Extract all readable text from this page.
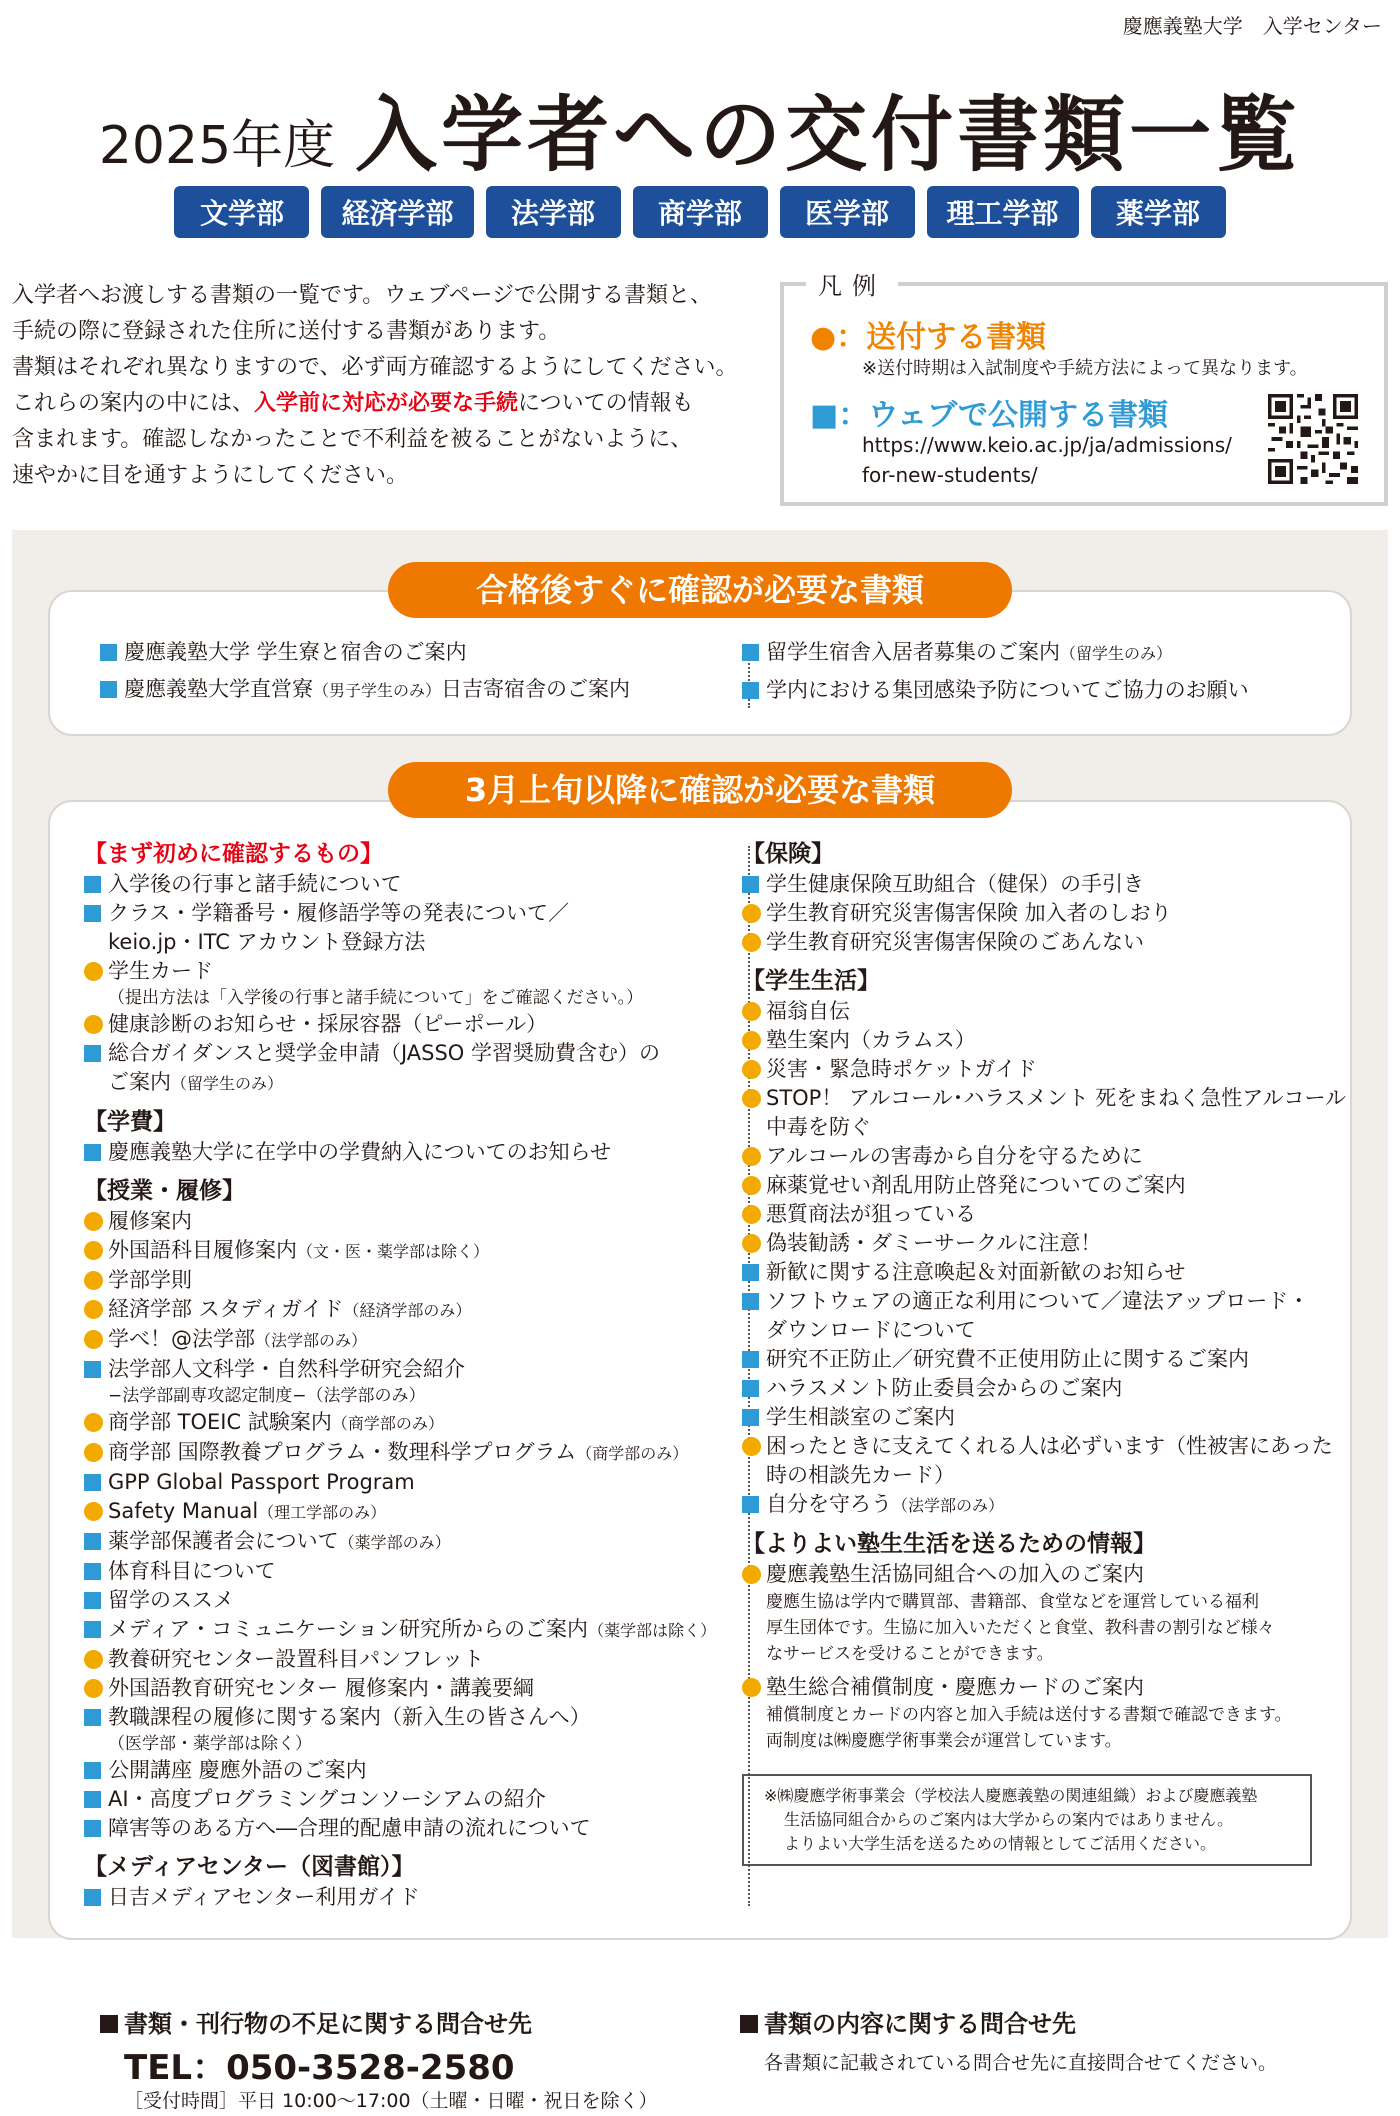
慶應義塾大学　入学センター
2025年度 入学者への交付書類一覧
文学部	経済学部	法学部	商学部	医学部	理工学部	薬学部
入学者へお渡しする書類の一覧です。ウェブページで公開する書類と、
手続の際に登録された住所に送付する書類があります。
書類はそれぞれ異なりますので、必ず両方確認するようにしてください。
これらの案内の中には、入学前に対応が必要な手続についての情報も
含まれます。確認しなかったことで不利益を被ることがないように、
速やかに目を通すようにしてください。
凡例
●：送付する書類
※送付時期は入試制度や手続方法によって異なります。
■：ウェブで公開する書類
https://www.keio.ac.jp/ja/admissions/
for-new-students/
慶應義塾大学 学生寮と宿舎のご案内
慶應義塾大学直営寮（男子学生のみ）日吉寄宿舎のご案内
留学生宿舎入居者募集のご案内（留学生のみ）
学内における集団感染予防についてご協力のお願い
合格後すぐに確認が必要な書類
【まず初めに確認するもの】
入学後の行事と諸手続について
クラス・学籍番号・履修語学等の発表について／
keio.jp・ITC アカウント登録方法
学生カード
（提出方法は「入学後の行事と諸手続について」をご確認ください。）
健康診断のお知らせ・採尿容器（ピーポール）
総合ガイダンスと奨学金申請（JASSO 学習奨励費含む）の
ご案内（留学生のみ）
【学費】
慶應義塾大学に在学中の学費納入についてのお知らせ
【授業・履修】
履修案内
外国語科目履修案内（文・医・薬学部は除く）
学部学則
経済学部 スタディガイド（経済学部のみ）
学べ！@法学部（法学部のみ）
法学部人文科学・自然科学研究会紹介
−法学部副専攻認定制度−（法学部のみ）
商学部 TOEIC 試験案内（商学部のみ）
商学部 国際教養プログラム・数理科学プログラム（商学部のみ）
GPP Global Passport Program
Safety Manual（理工学部のみ）
薬学部保護者会について（薬学部のみ）
体育科目について
留学のススメ
メディア・コミュニケーション研究所からのご案内（薬学部は除く）
教養研究センター設置科目パンフレット
外国語教育研究センター 履修案内・講義要綱
教職課程の履修に関する案内（新入生の皆さんへ）
（医学部・薬学部は除く）
公開講座 慶應外語のご案内
AI・高度プログラミングコンソーシアムの紹介
障害等のある方へ―合理的配慮申請の流れについて
【メディアセンター（図書館）】
日吉メディアセンター利用ガイド
【保険】
学生健康保険互助組合（健保）の手引き
学生教育研究災害傷害保険 加入者のしおり
学生教育研究災害傷害保険のごあんない
【学生生活】
福翁自伝
塾生案内（カラムス）
災害・緊急時ポケットガイド
STOP！ アルコール･ハラスメント 死をまねく急性アルコール
中毒を防ぐ
アルコールの害毒から自分を守るために
麻薬覚せい剤乱用防止啓発についてのご案内
悪質商法が狙っている
偽装勧誘・ダミーサークルに注意！
新歓に関する注意喚起＆対面新歓のお知らせ
ソフトウェアの適正な利用について／違法アップロード・
ダウンロードについて
研究不正防止／研究費不正使用防止に関するご案内
ハラスメント防止委員会からのご案内
学生相談室のご案内
困ったときに支えてくれる人は必ずいます（性被害にあった
時の相談先カード）
自分を守ろう（法学部のみ）
【よりよい塾生生活を送るための情報】
慶應義塾生活協同組合への加入のご案内
慶應生協は学内で購買部、書籍部、食堂などを運営している福利
厚生団体です。生協に加入いただくと食堂、教科書の割引など様々
なサービスを受けることができます。
塾生総合補償制度・慶應カードのご案内
補償制度とカードの内容と加入手続は送付する書類で確認できます。
両制度は㈱慶應学術事業会が運営しています。
※㈱慶應学術事業会（学校法人慶應義塾の関連組織）および慶應義塾
生活協同組合からのご案内は大学からの案内ではありません。
よりよい大学生活を送るための情報としてご活用ください。
3月上旬以降に確認が必要な書類
書類・刊行物の不足に関する問合せ先
TEL：050-3528-2580
［受付時間］平日 10:00〜17:00（土曜・日曜・祝日を除く）
書類の内容に関する問合せ先
各書類に記載されている問合せ先に直接問合せてください。
